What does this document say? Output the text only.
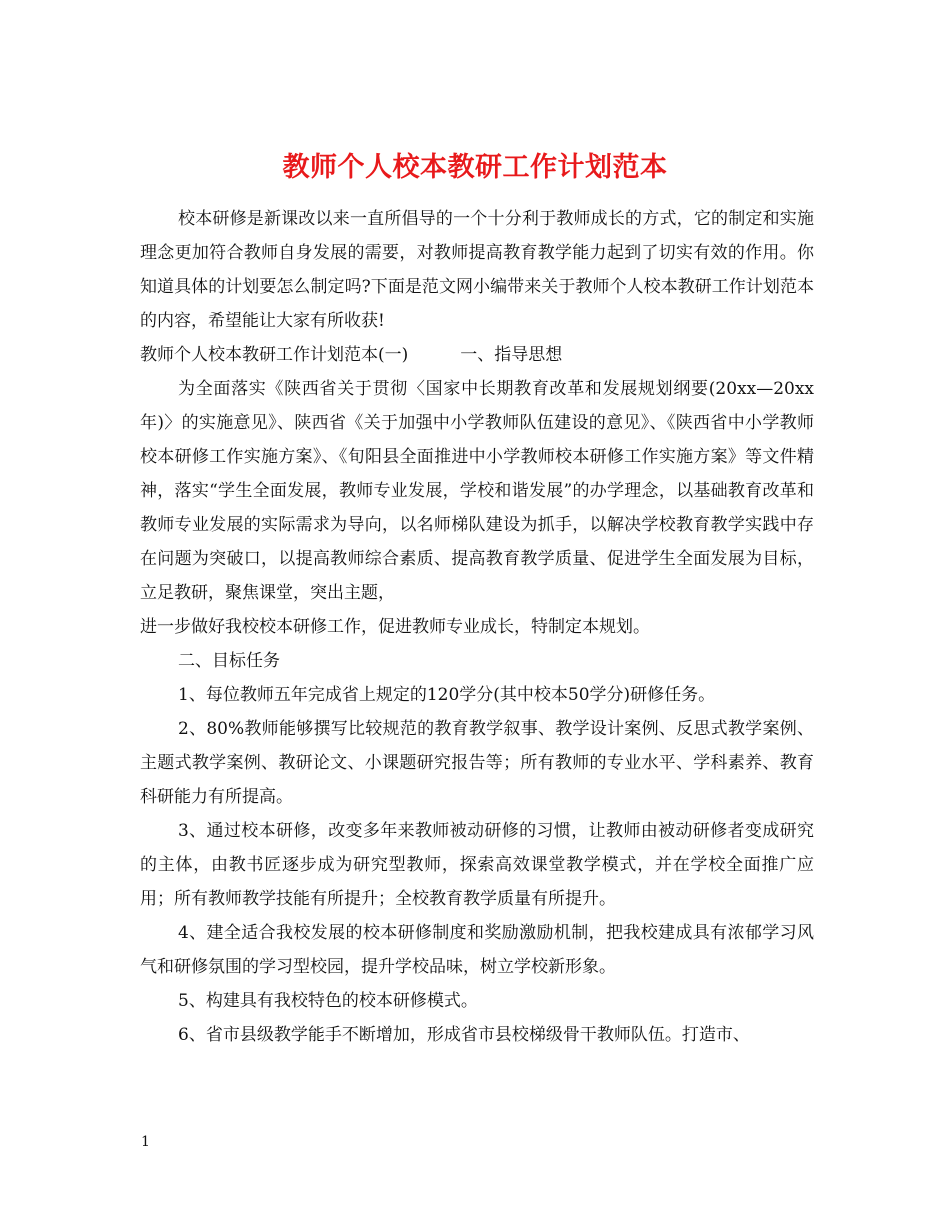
教师个人校本教研工作计划范本

校本研修是新课改以来一直所倡导的一个十分利于教师成长的方式，它的制定和实施理念更加符合教师自身发展的需要，对教师提高教育教学能力起到了切实有效的作用。你知道具体的计划要怎么制定吗?下面是范文网小编带来关于教师个人校本教研工作计划范本的内容，希望能让大家有所收获!

教师个人校本教研工作计划范本(一)	一、指导思想

为全面落实《陕西省关于贯彻〈国家中长期教育改革和发展规划纲要(20xx—20xx年)〉的实施意见》、陕西省《关于加强中小学教师队伍建设的意见》、《陕西省中小学教师校本研修工作实施方案》、《旬阳县全面推进中小学教师校本研修工作实施方案》等文件精神，落实“学生全面发展，教师专业发展，学校和谐发展”的办学理念，以基础教育改革和教师专业发展的实际需求为导向，以名师梯队建设为抓手，以解决学校教育教学实践中存在问题为突破口，以提高教师综合素质、提高教育教学质量、促进学生全面发展为目标，立足教研，聚焦课堂，突出主题，

进一步做好我校校本研修工作，促进教师专业成长，特制定本规划。

二、目标任务

1、每位教师五年完成省上规定的120学分(其中校本50学分)研修任务。

2、80%教师能够撰写比较规范的教育教学叙事、教学设计案例、反思式教学案例、主题式教学案例、教研论文、小课题研究报告等；所有教师的专业水平、学科素养、教育科研能力有所提高。

3、通过校本研修，改变多年来教师被动研修的习惯，让教师由被动研修者变成研究的主体，由教书匠逐步成为研究型教师，探索高效课堂教学模式，并在学校全面推广应用；所有教师教学技能有所提升；全校教育教学质量有所提升。

4、建全适合我校发展的校本研修制度和奖励激励机制，把我校建成具有浓郁学习风气和研修氛围的学习型校园，提升学校品味，树立学校新形象。

5、构建具有我校特色的校本研修模式。

6、省市县级教学能手不断增加，形成省市县校梯级骨干教师队伍。打造市、

1
